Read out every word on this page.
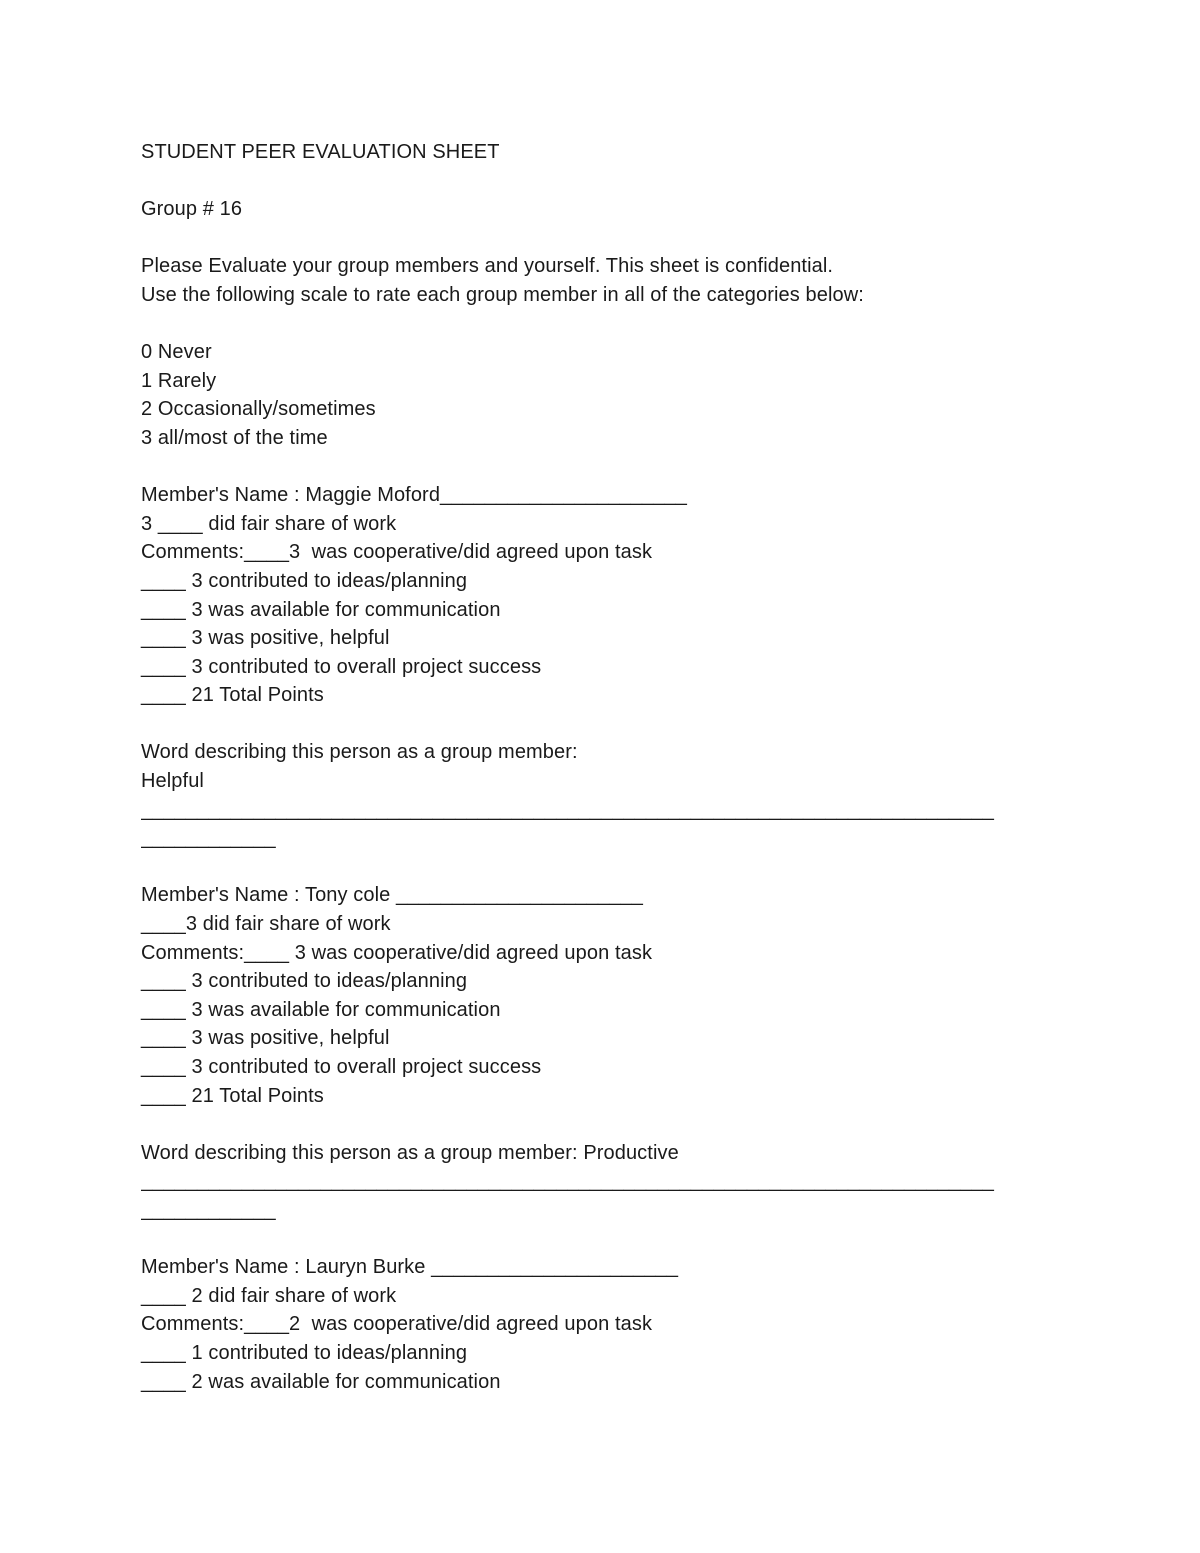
STUDENT PEER EVALUATION SHEET
Group # 16
Please Evaluate your group members and yourself. This sheet is confidential.
Use the following scale to rate each group member in all of the categories below:
0 Never
1 Rarely
2 Occasionally/sometimes
3 all/most of the time
Member's Name : Maggie Moford______________________
3 ____ did fair share of work
Comments:____3  was cooperative/did agreed upon task
____ 3 contributed to ideas/planning
____ 3 was available for communication
____ 3 was positive, helpful
____ 3 contributed to overall project success
____ 21 Total Points
Word describing this person as a group member:
Helpful
____________________________________________________________________________
____________
Member's Name : Tony cole ______________________
____3 did fair share of work
Comments:____ 3 was cooperative/did agreed upon task
____ 3 contributed to ideas/planning
____ 3 was available for communication
____ 3 was positive, helpful
____ 3 contributed to overall project success
____ 21 Total Points
Word describing this person as a group member: Productive
____________________________________________________________________________
____________
Member's Name : Lauryn Burke ______________________
____ 2 did fair share of work
Comments:____2  was cooperative/did agreed upon task
____ 1 contributed to ideas/planning
____ 2 was available for communication
